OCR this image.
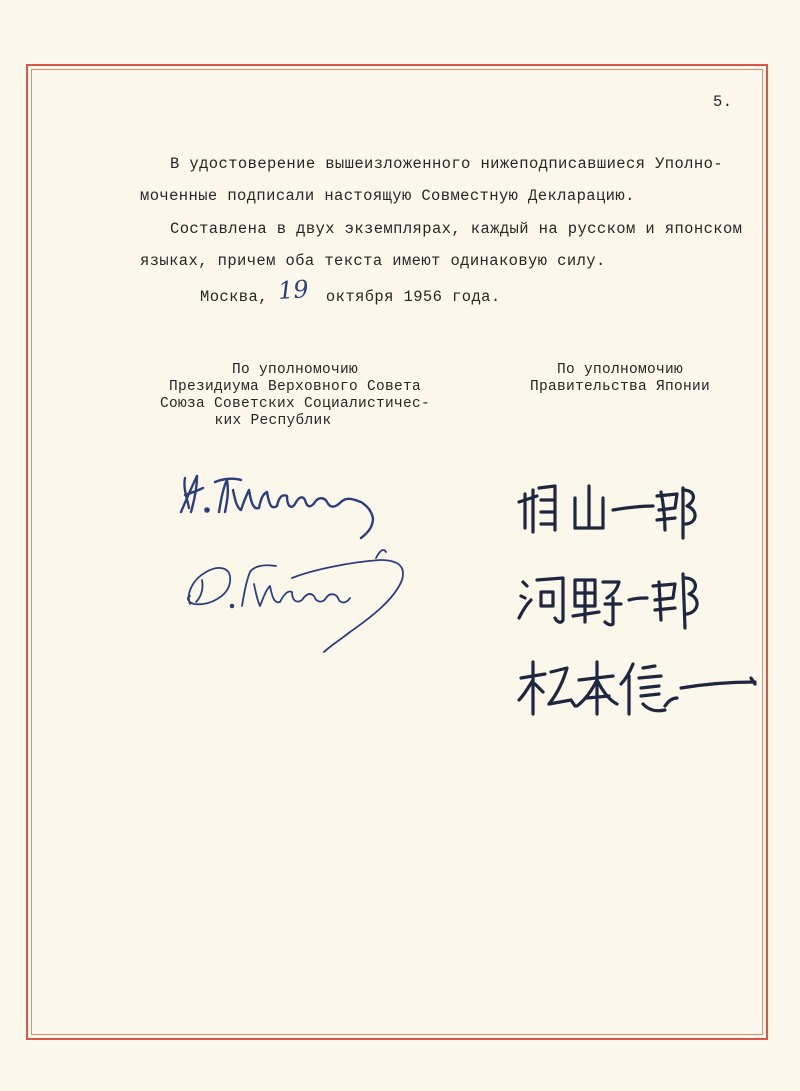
5.
В удостоверение вышеизложенного нижеподписавшиеся Уполно-
моченные подписали настоящую Совместную Декларацию.
Составлена в двух экземплярах, каждый на русском и японском
языках, причем оба текста имеют одинаковую силу.
Москва,	октября 1956 года.
19
По уполномочию
Президиума Верховного Совета
Союза Советских Социалистичес-
ких Республик
По уполномочию
Правительства Японии
